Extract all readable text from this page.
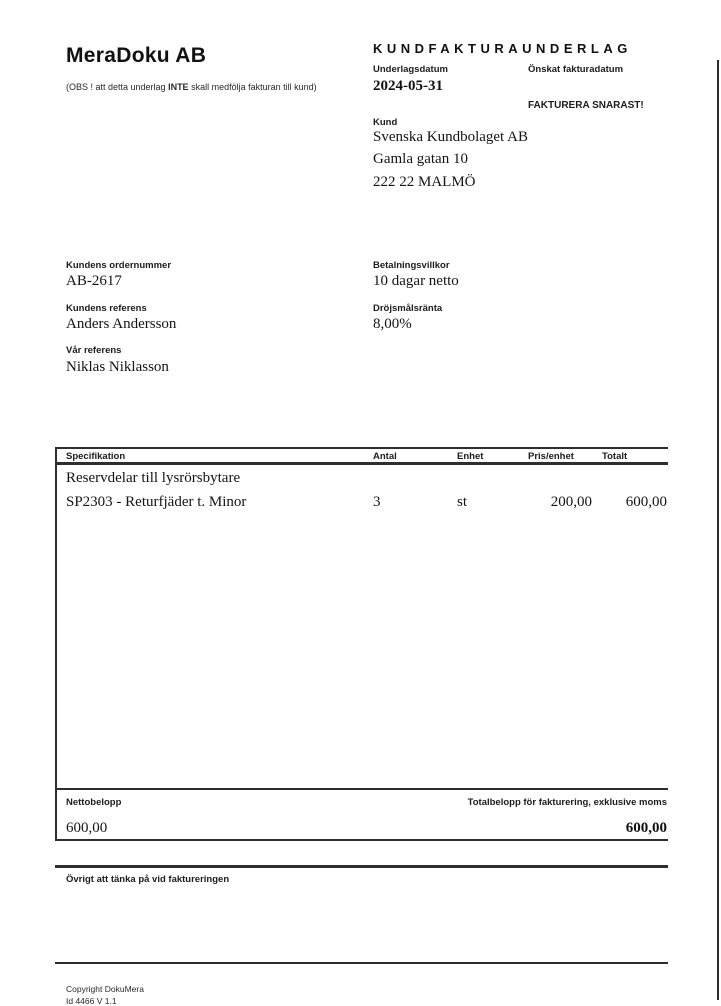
MeraDoku AB
(OBS ! att detta underlag INTE skall medfölja fakturan till kund)
KUNDFAKTURAUNDERLAG
Underlagsdatum	Önskat fakturadatum
2024-05-31
FAKTURERA SNARAST!
Kund
Svenska Kundbolaget AB
Gamla gatan 10
222 22 MALMÖ
Kundens ordernummer
AB-2617
Kundens referens
Anders Andersson
Vår referens
Niklas Niklasson
Betalningsvillkor
10 dagar netto
Dröjsmålsränta
8,00%
Specifikation	Antal	Enhet	Pris/enhet	Totalt
Reservdelar till lysrörsbytare
SP2303 - Returfjäder t. Minor	3	st	200,00	600,00
Nettobelopp	Totalbelopp för fakturering, exklusive moms
600,00	600,00
Övrigt att tänka på vid faktureringen
Copyright DokuMera
Id 4466 V 1.1
